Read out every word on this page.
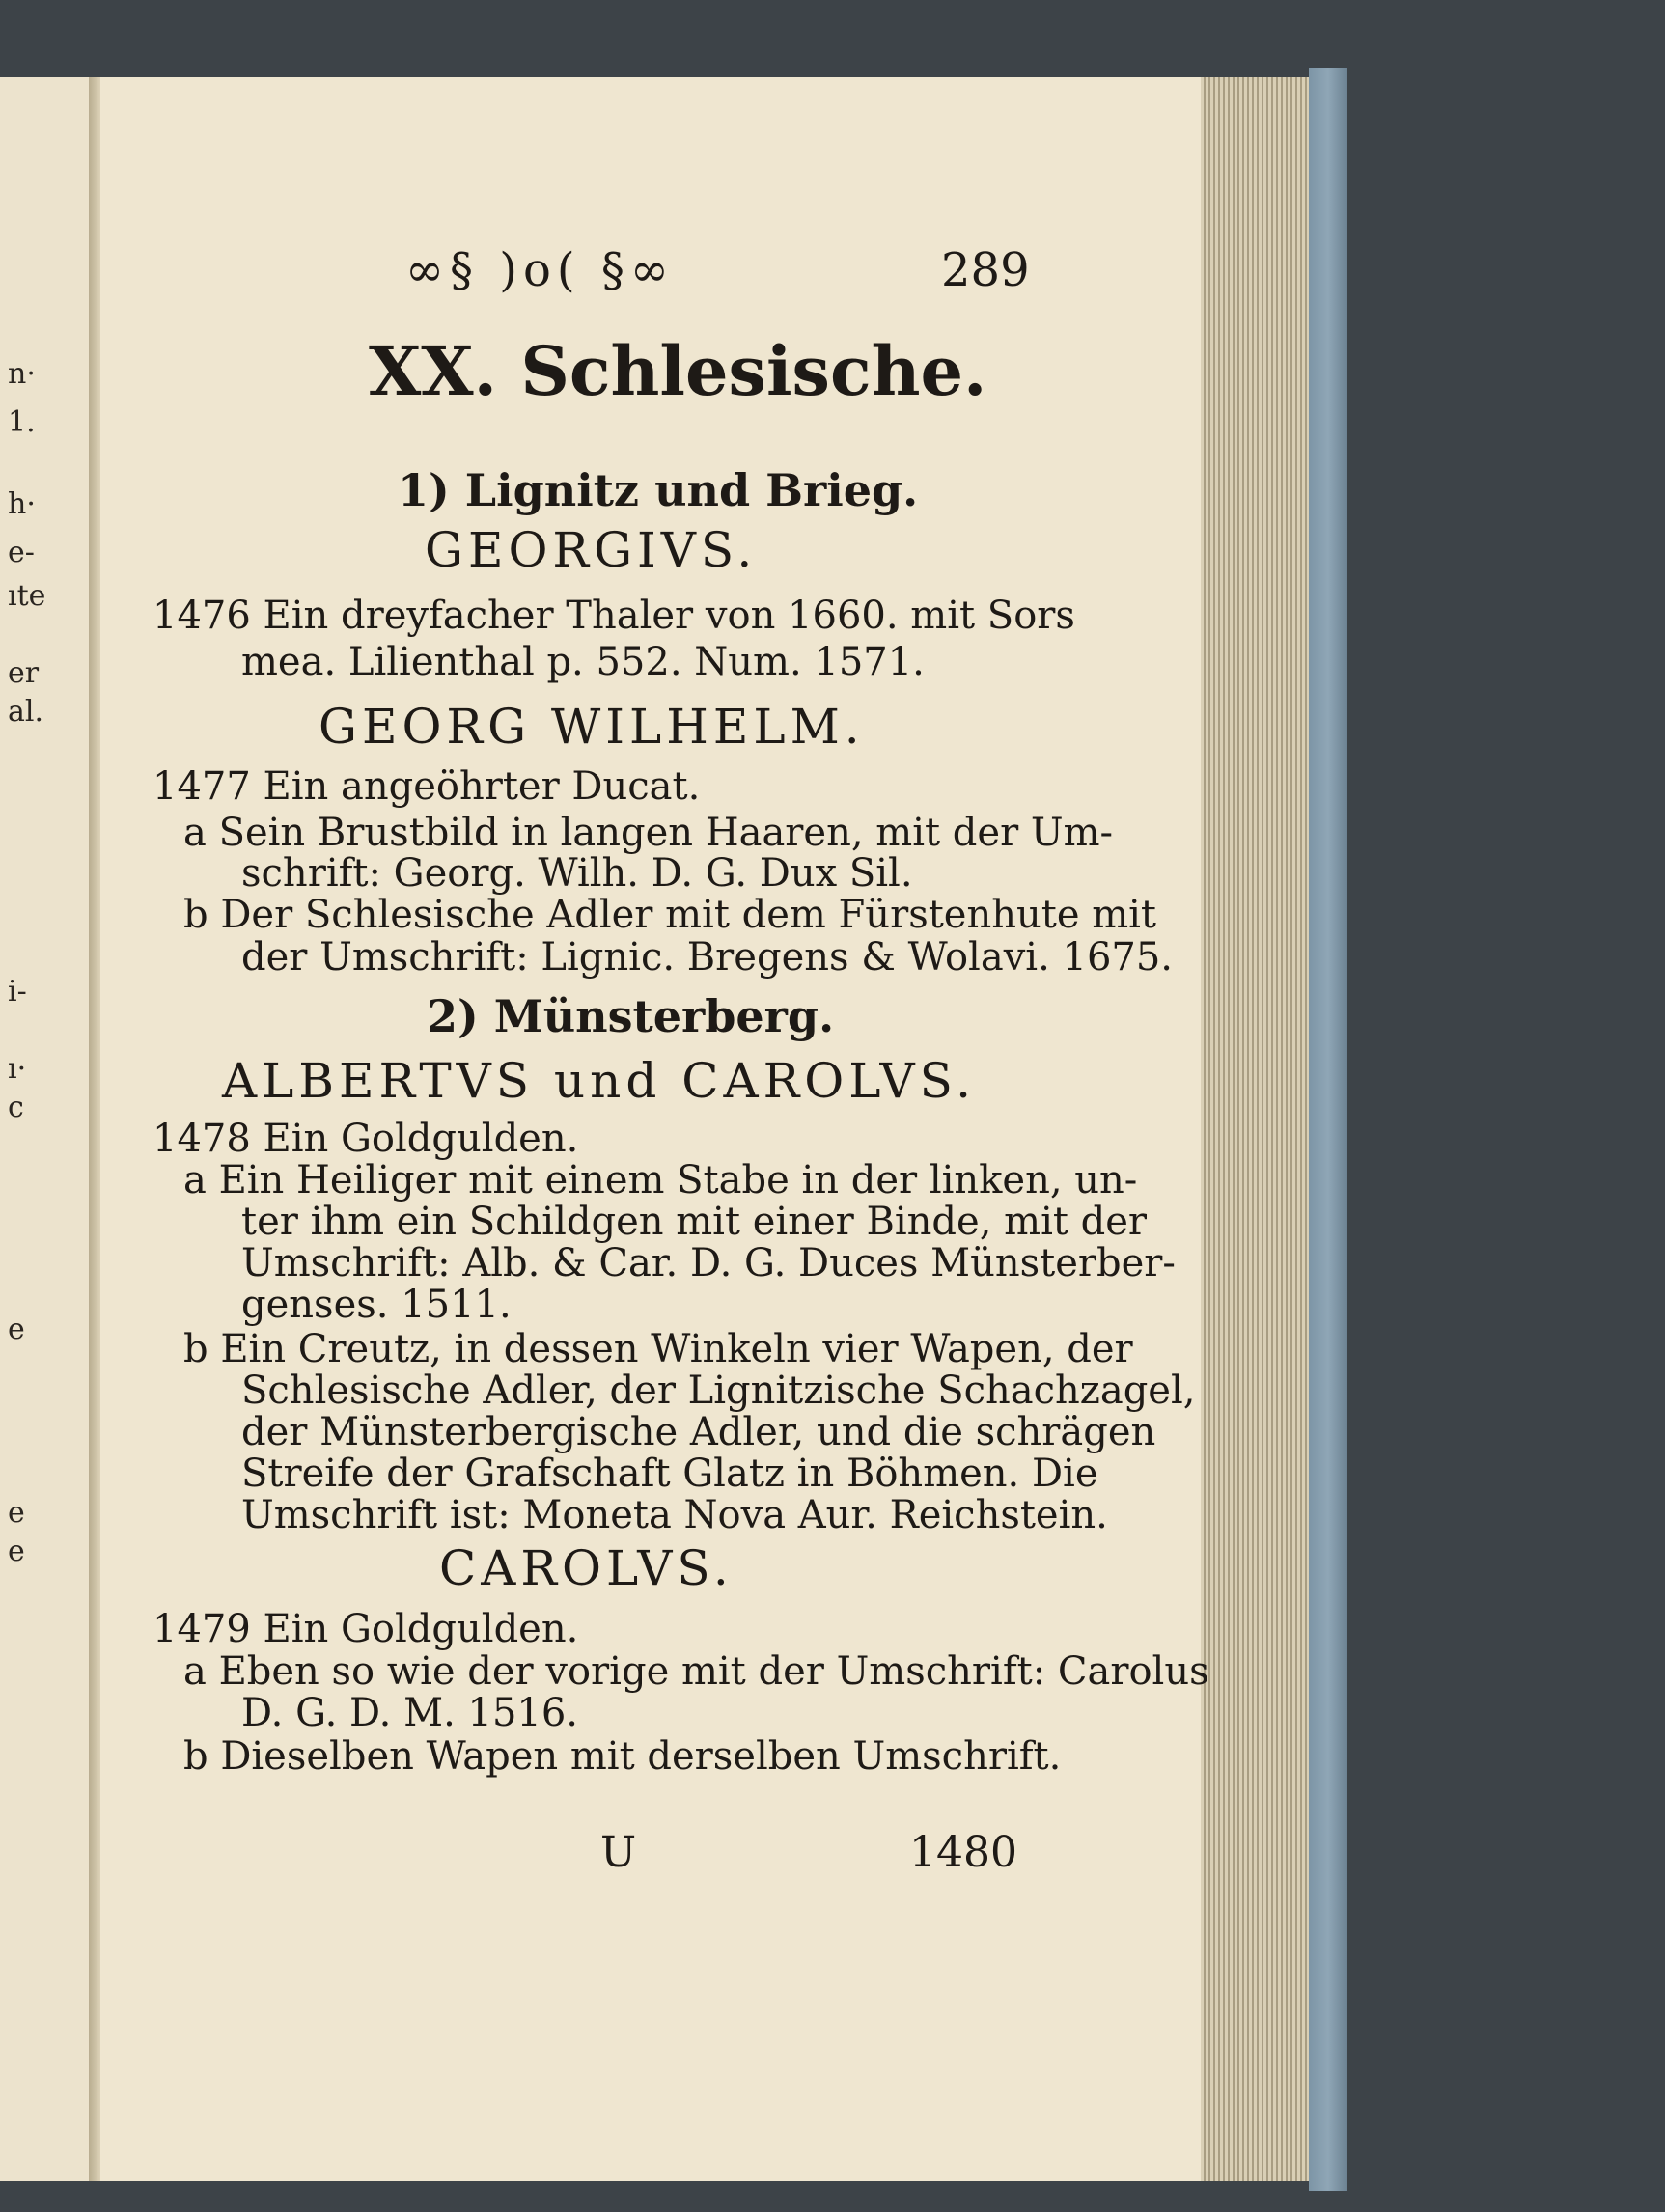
n·
1.
h·
e-
ıte
er
al.
i-
ı·
c
e
e
e
∞§ )o( §∞	289
XX. Schlesische.
1) Lignitz und Brieg.
GEORGIVS.
1476 Ein dreyfacher Thaler von 1660. mit Sors
mea. Lilienthal p. 552. Num. 1571.
GEORG WILHELM.
1477 Ein angeöhrter Ducat.
a Sein Brustbild in langen Haaren, mit der Um-
schrift: Georg. Wilh. D. G. Dux Sil.
b Der Schlesische Adler mit dem Fürstenhute mit
der Umschrift: Lignic. Bregens & Wolavi. 1675.
2) Münsterberg.
ALBERTVS und CAROLVS.
1478 Ein Goldgulden.
a Ein Heiliger mit einem Stabe in der linken, un-
ter ihm ein Schildgen mit einer Binde, mit der
Umschrift: Alb. & Car. D. G. Duces Münsterber-
genses. 1511.
b Ein Creutz, in dessen Winkeln vier Wapen, der
Schlesische Adler, der Lignitzische Schachzagel,
der Münsterbergische Adler, und die schrägen
Streife der Grafschaft Glatz in Böhmen. Die
Umschrift ist: Moneta Nova Aur. Reichstein.
CAROLVS.
1479 Ein Goldgulden.
a Eben so wie der vorige mit der Umschrift: Carolus
D. G. D. M. 1516.
b Dieselben Wapen mit derselben Umschrift.
U	1480
